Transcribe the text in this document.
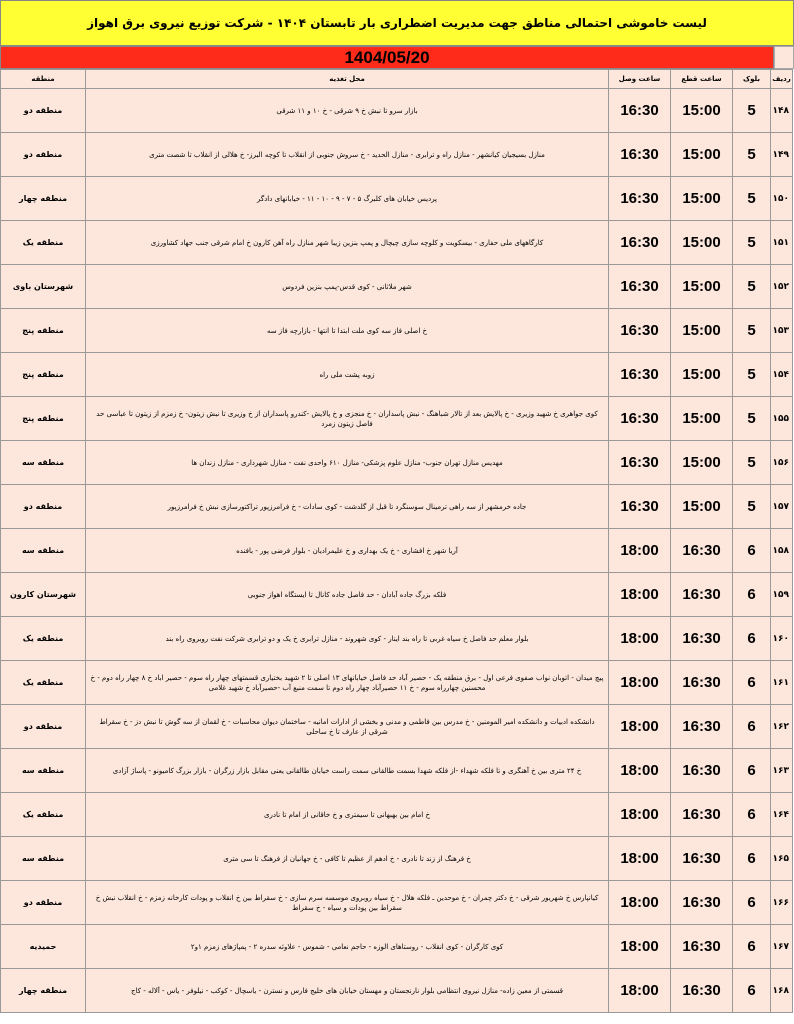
لیست خاموشی احتمالی مناطق جهت مدیریت اضطراری بار تابستان ۱۴۰۴ - شرکت توزیع نیروی برق اهواز
1404/05/20
ردیف	بلوک	ساعت قطع	ساعت وصل	محل تغذیه	منطقه
۱۴۸	5	15:00	16:30	بازار سرو تا نبش خ ۹ شرقی - خ ۱۰ و ۱۱ شرقی	منطقه دو
۱۴۹	5	15:00	16:30	منازل بسیجیان کیانشهر - منازل راه و ترابری - منازل الحدید - خ سروش جنوبی از انقلاب تا کوچه البرز- خ هلالی از انقلاب تا شصت متری	منطقه دو
۱۵۰	5	15:00	16:30	پردیس خیابان های کلبرگ ۵ - ۷ - ۹ - ۱۰ - ۱۱ - خیابانهای دادگر	منطقه چهار
۱۵۱	5	15:00	16:30	کارگاههای ملی حفاری - بیسکویت و کلوچه سازی چیچال و پمپ بنزین زیبا شهر منازل راه آهن کارون خ امام شرقی جنب جهاد کشاورزی	منطقه یک
۱۵۲	5	15:00	16:30	شهر ملاثانی - کوی قدس-پمپ بنزین فردوس	شهرستان باوی
۱۵۳	5	15:00	16:30	خ اصلی فاز سه کوی ملت ابتدا تا انتها - بازارچه فاز سه	منطقه پنج
۱۵۴	5	15:00	16:30	زوبه پشت ملی راه	منطقه پنج
۱۵۵	5	15:00	16:30	کوی جواهری خ شهید وزیری - خ پالایش بعد از تالار شباهنگ - نبش پاسداران - خ منجزی و خ پالایش -کندرو پاسداران از خ وزیری تا نبش زیتون- خ زمزم از زیتون تا عباسی حد فاصل زیتون زمرد	منطقه پنج
۱۵۶	5	15:00	16:30	مهدیس منازل تهران جنوب- منازل علوم پزشکی- منازل ۶۱۰ واحدی نفت - منازل شهرداری - منازل زندان ها	منطقه سه
۱۵۷	5	15:00	16:30	جاده خرمشهر از سه راهی ترمینال سوسنگرد تا قبل از گلدشت - کوی سادات - خ فرامرزپور تراکتورسازی نبش خ فرامرزپور	منطقه دو
۱۵۸	6	16:30	18:00	آریا شهر خ افشاری - خ یک بهداری و خ علیمرادیان - بلوار فرضی پور - بافنده	منطقه سه
۱۵۹	6	16:30	18:00	فلکه بزرگ جاده آبادان - حد فاصل جاده کانال تا ایستگاه اهواز جنوبی	شهرستان کارون
۱۶۰	6	16:30	18:00	بلوار معلم حد فاصل خ سیاه غربی تا راه بند اینار - کوی شهروند - منازل ترابری خ یک و دو ترابری شرکت نفت روبروی راه بند	منطقه یک
۱۶۱	6	16:30	18:00	پیچ میدان - اتوبان نواب صفوی فرعی اول - برق منطقه یک - حصیر آباد حد فاصل خیابانهای ۱۳ اصلی تا ۲ شهید بختیاری قسمتهای چهار راه سوم - حصیر اباد خ ۸ چهار راه دوم - خ محسنین چهارراه سوم - خ ۱۱ حصیرآباد چهار راه دوم تا سمت منبع آب -حصیرآباد خ شهید غلامی	منطقه یک
۱۶۲	6	16:30	18:00	دانشکده ادبیات و دانشکده امیر المومنین - خ مدرس بین فاطمی و مدنی و بخشی از ادارات امانیه - ساختمان دیوان محاسبات - خ لقمان از سه گوش تا نبش دز - خ سقراط شرقی از عارف تا خ ساحلی	منطقه دو
۱۶۳	6	16:30	18:00	خ ۲۴ متری بین خ آهنگری و تا فلکه شهداء -از فلکه شهدا بسمت طالقانی سمت راست خیابان طالقانی یعنی مقابل بازار زرگران - بازار بزرگ کامیونو - پاساژ آزادی	منطقه سه
۱۶۴	6	16:30	18:00	خ امام بین بهبهانی تا سیمتری و خ خاقانی از امام تا نادری	منطقه یک
۱۶۵	6	16:30	18:00	خ فرهنگ از زند تا نادری - خ ادهم از عظیم تا کافی - خ جهانیان از فرهنگ تا سی متری	منطقه سه
۱۶۶	6	16:30	18:00	کیانپارس خ شهریور شرقی - خ دکتر چمران - خ موحدین ـ فلکه هلال - خ سیاه روبروی موسسه سرم سازی - خ سقراط بین خ انقلاب و پودات کارخانه زمزم - خ انقلاب نبش خ سقراط بین پودات و سیاه - خ سقراط	منطقه دو
۱۶۷	6	16:30	18:00	کوی کارگران - کوی انقلاب - روستاهای الوزه - حاجم نعامی - شموس - علاوئه سدره ۲ - پمپاژهای زمزم ۱و۲	حمیدیه
۱۶۸	6	16:30	18:00	قسمتی از معین زاده- منازل نیروی انتظامی بلوار نارنجستان و مهستان خیابان های خلیج فارس و نسترن - یاسچال - کوکب - نیلوفر - یاس - آلاله - کاج	منطقه چهار
